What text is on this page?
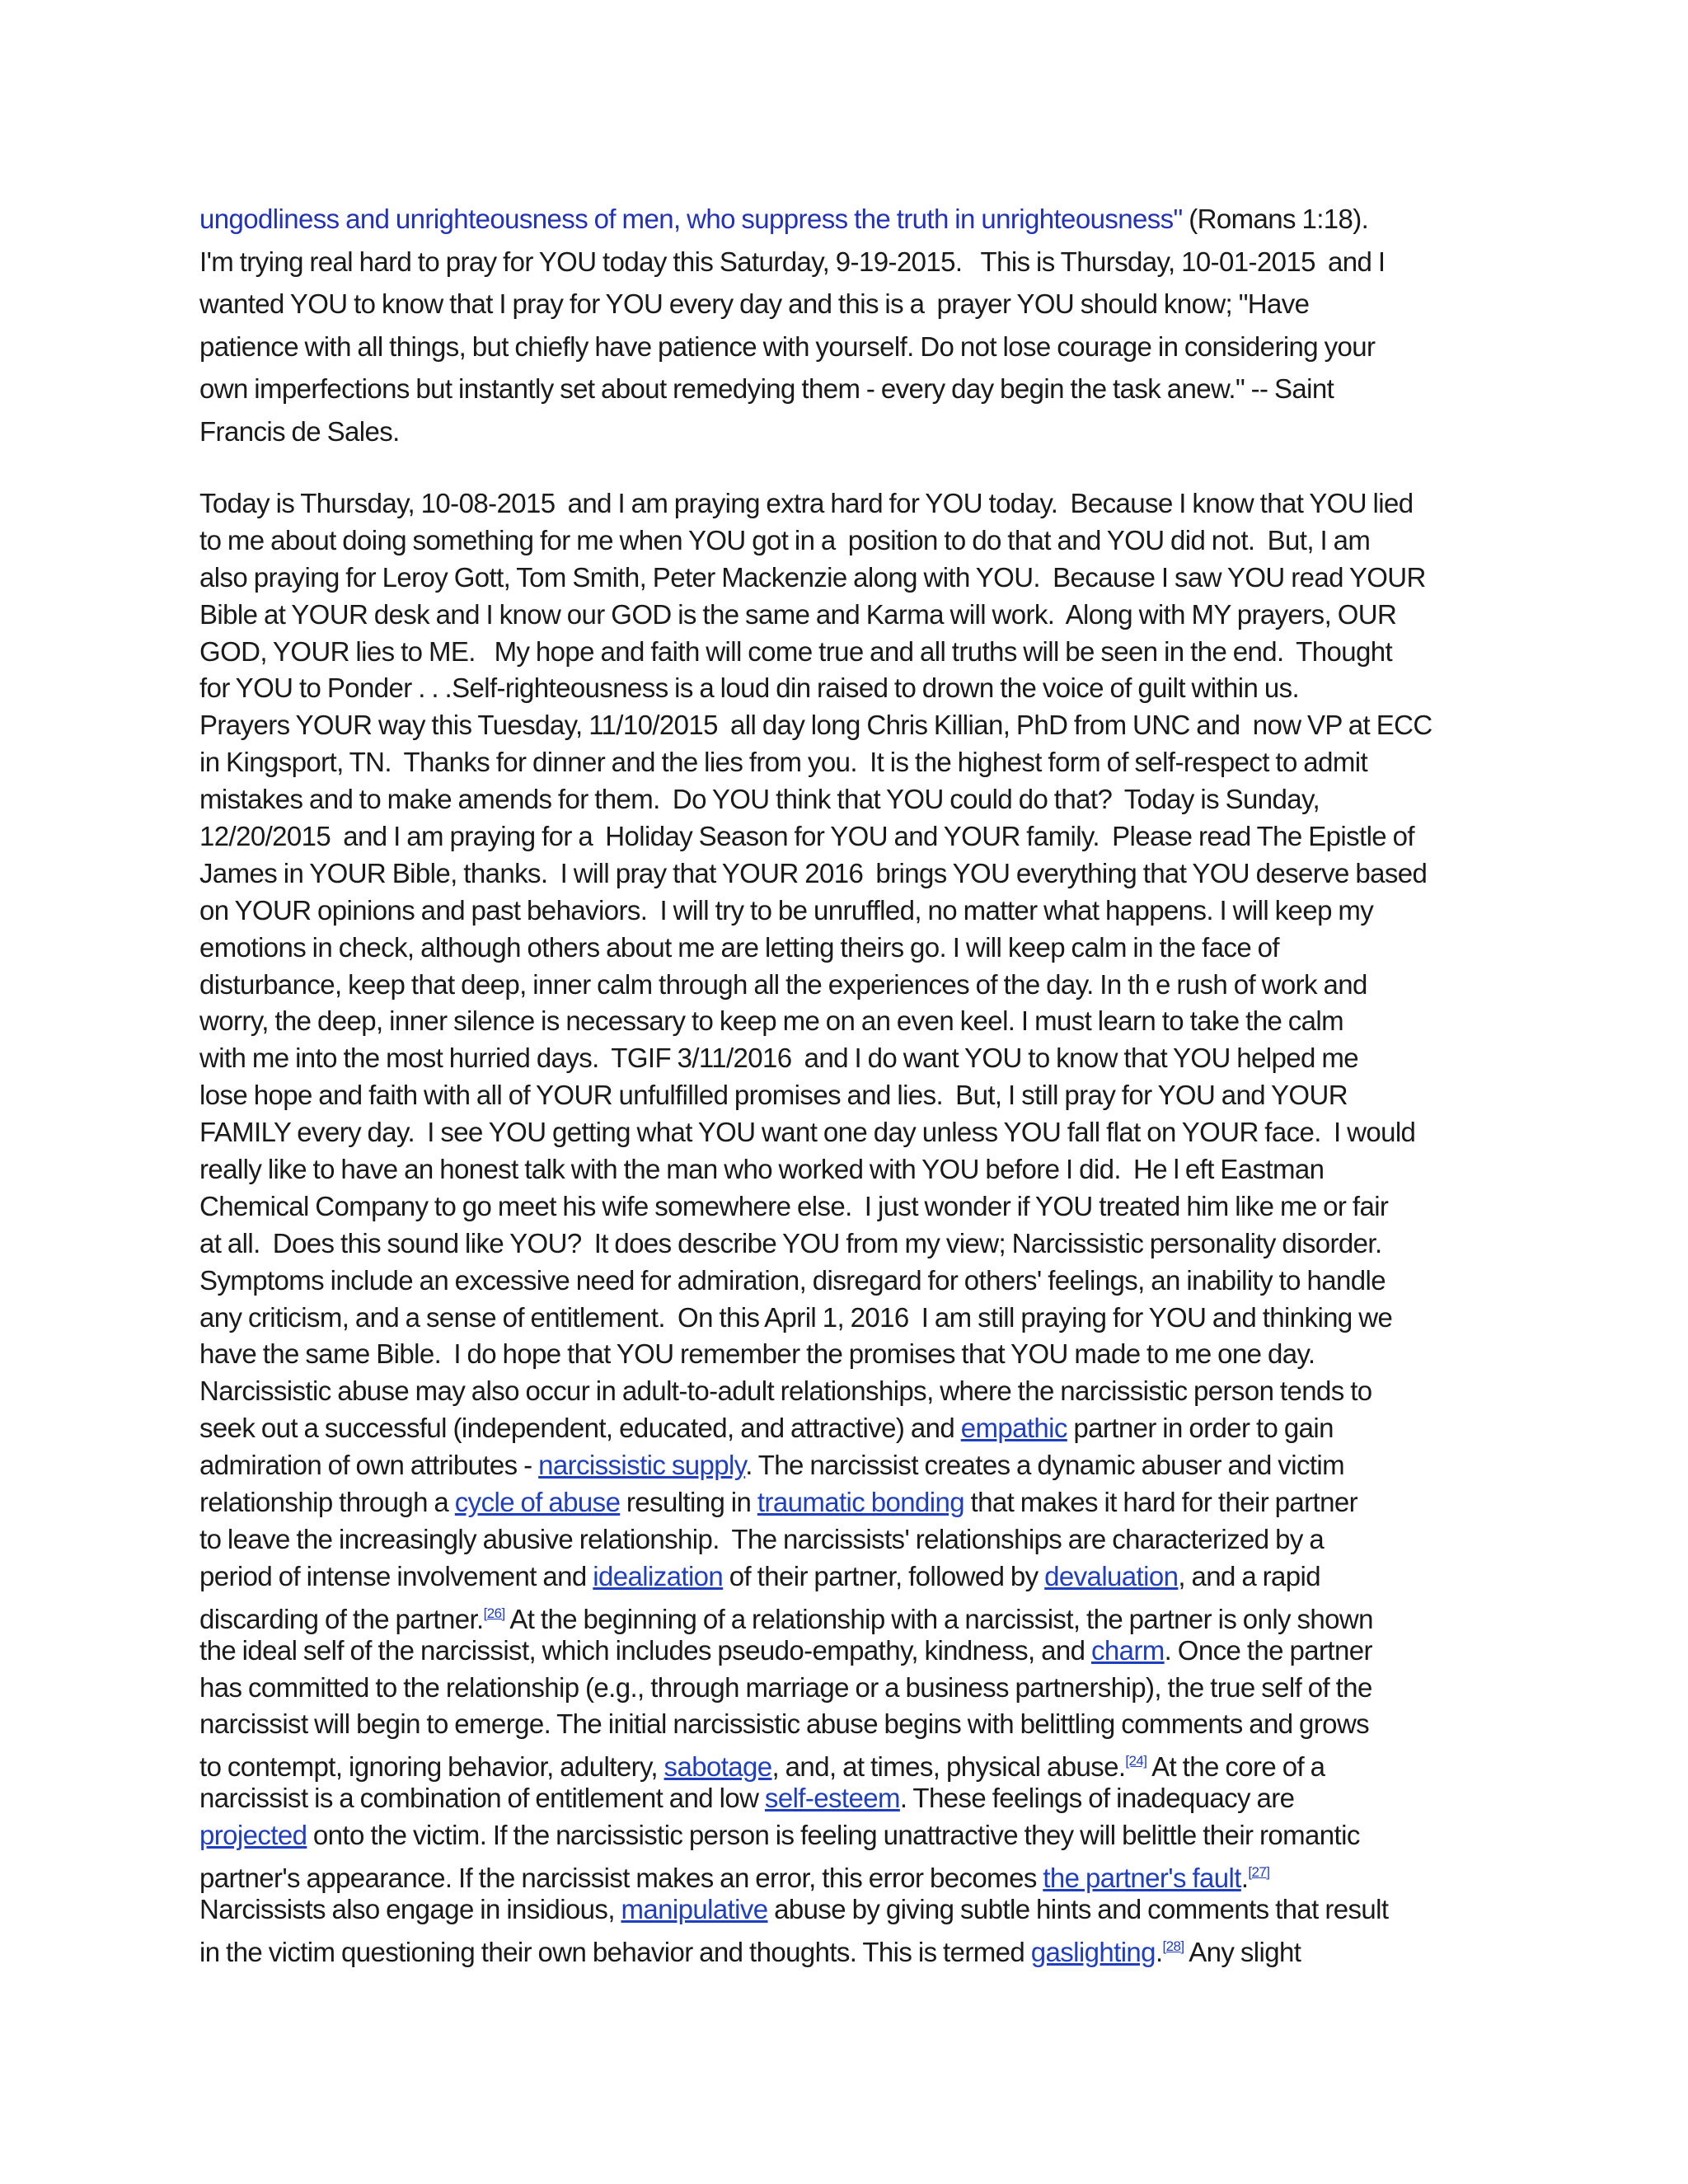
ungodliness and unrighteousness of men, who suppress the truth in unrighteousness" (Romans 1:18).
I'm trying real hard to pray for YOU today this Saturday, 9-19-2015.   This is Thursday, 10-01-2015  and I
wanted YOU to know that I pray for YOU every day and this is a  prayer YOU should know; "Have
patience with all things, but chiefly have patience with yourself. Do not lose courage in considering your
own imperfections but instantly set about remedying them - every day begin the task anew." -- Saint
Francis de Sales.
Today is Thursday, 10-08-2015  and I am praying extra hard for YOU today.  Because I know that YOU lied
to me about doing something for me when YOU got in a  position to do that and YOU did not.  But, I am
also praying for Leroy Gott, Tom Smith, Peter Mackenzie along with YOU.  Because I saw YOU read YOUR
Bible at YOUR desk and I know our GOD is the same and Karma will work.  Along with MY prayers, OUR
GOD, YOUR lies to ME.   My hope and faith will come true and all truths will be seen in the end.  Thought
for YOU to Ponder . . .Self-righteousness is a loud din raised to drown the voice of guilt within us.
Prayers YOUR way this Tuesday, 11/10/2015  all day long Chris Killian, PhD from UNC and  now VP at ECC
in Kingsport, TN.  Thanks for dinner and the lies from you.  It is the highest form of self-respect to admit
mistakes and to make amends for them.  Do YOU think that YOU could do that?  Today is Sunday,
12/20/2015  and I am praying for a  Holiday Season for YOU and YOUR family.  Please read The Epistle of
James in YOUR Bible, thanks.  I will pray that YOUR 2016  brings YOU everything that YOU deserve based
on YOUR opinions and past behaviors.  I will try to be unruffled, no matter what happens. I will keep my
emotions in check, although others about me are letting theirs go. I will keep calm in the face of
disturbance, keep that deep, inner calm through all the experiences of the day. In th e rush of work and
worry, the deep, inner silence is necessary to keep me on an even keel. I must learn to take the calm
with me into the most hurried days.  TGIF 3/11/2016  and I do want YOU to know that YOU helped me
lose hope and faith with all of YOUR unfulfilled promises and lies.  But, I still pray for YOU and YOUR
FAMILY every day.  I see YOU getting what YOU want one day unless YOU fall flat on YOUR face.  I would
really like to have an honest talk with the man who worked with YOU before I did.  He l eft Eastman
Chemical Company to go meet his wife somewhere else.  I just wonder if YOU treated him like me or fair
at all.  Does this sound like YOU?  It does describe YOU from my view; Narcissistic personality disorder.
Symptoms include an excessive need for admiration, disregard for others' feelings, an inability to handle
any criticism, and a sense of entitlement.  On this April 1, 2016  I am still praying for YOU and thinking we
have the same Bible.  I do hope that YOU remember the promises that YOU made to me one day.
Narcissistic abuse may also occur in adult-to-adult relationships, where the narcissistic person tends to
seek out a successful (independent, educated, and attractive) and empathic partner in order to gain
admiration of own attributes - narcissistic supply. The narcissist creates a dynamic abuser and victim
relationship through a cycle of abuse resulting in traumatic bonding that makes it hard for their partner
to leave the increasingly abusive relationship.  The narcissists' relationships are characterized by a
period of intense involvement and idealization of their partner, followed by devaluation, and a rapid
discarding of the partner.[26] At the beginning of a relationship with a narcissist, the partner is only shown
the ideal self of the narcissist, which includes pseudo-empathy, kindness, and charm. Once the partner
has committed to the relationship (e.g., through marriage or a business partnership), the true self of the
narcissist will begin to emerge. The initial narcissistic abuse begins with belittling comments and grows
to contempt, ignoring behavior, adultery, sabotage, and, at times, physical abuse.[24] At the core of a
narcissist is a combination of entitlement and low self-esteem. These feelings of inadequacy are
projected onto the victim. If the narcissistic person is feeling unattractive they will belittle their romantic
partner's appearance. If the narcissist makes an error, this error becomes the partner's fault.[27]
Narcissists also engage in insidious, manipulative abuse by giving subtle hints and comments that result
in the victim questioning their own behavior and thoughts. This is termed gaslighting.[28] Any slight
